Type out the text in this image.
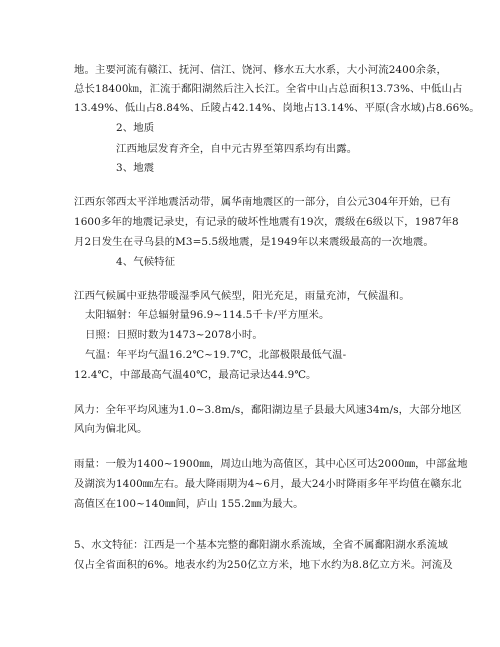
地。主要河流有赣江、抚河、信江、饶河、修水五大水系，大小河流2400余条，
总长18400㎞，汇流于鄱阳湖然后注入长江。全省中山占总面积13.73%、中低山占
13.49%、低山占8.84%、丘陵占42.14%、岗地占13.14%、平原(含水域)占8.66%。
2、地质
江西地层发育齐全，自中元古界至第四系均有出露。
3、地震
江西东邻西太平洋地震活动带，属华南地震区的一部分，自公元304年开始，已有
1600多年的地震记录史，有记录的破坏性地震有19次，震级在6级以下，1987年8
月2日发生在寻乌县的M3=5.5级地震，是1949年以来震级最高的一次地震。
4、气候特征
江西气候属中亚热带暖湿季风气候型，阳光充足，雨量充沛，气候温和。
太阳辐射：年总辐射量96.9~114.5千卡/平方厘米。
日照：日照时数为1473~2078小时。
气温：年平均气温16.2℃~19.7℃，北部极限最低气温-
12.4℃，中部最高气温40℃，最高记录达44.9℃。
风力：全年平均风速为1.0~3.8m/s，鄱阳湖边星子县最大风速34m/s，大部分地区
风向为偏北风。
雨量：一般为1400~1900㎜，周边山地为高值区，其中心区可达2000㎜，中部盆地
及湖滨为1400㎜左右。最大降雨期为4~6月，最大24小时降雨多年平均值在赣东北
高值区在100~140㎜间，庐山 155.2㎜为最大。
5、水文特征：江西是一个基本完整的鄱阳湖水系流域，全省不属鄱阳湖水系流域
仅占全省面积的6%。地表水约为250亿立方米，地下水约为8.8亿立方米。河流及
